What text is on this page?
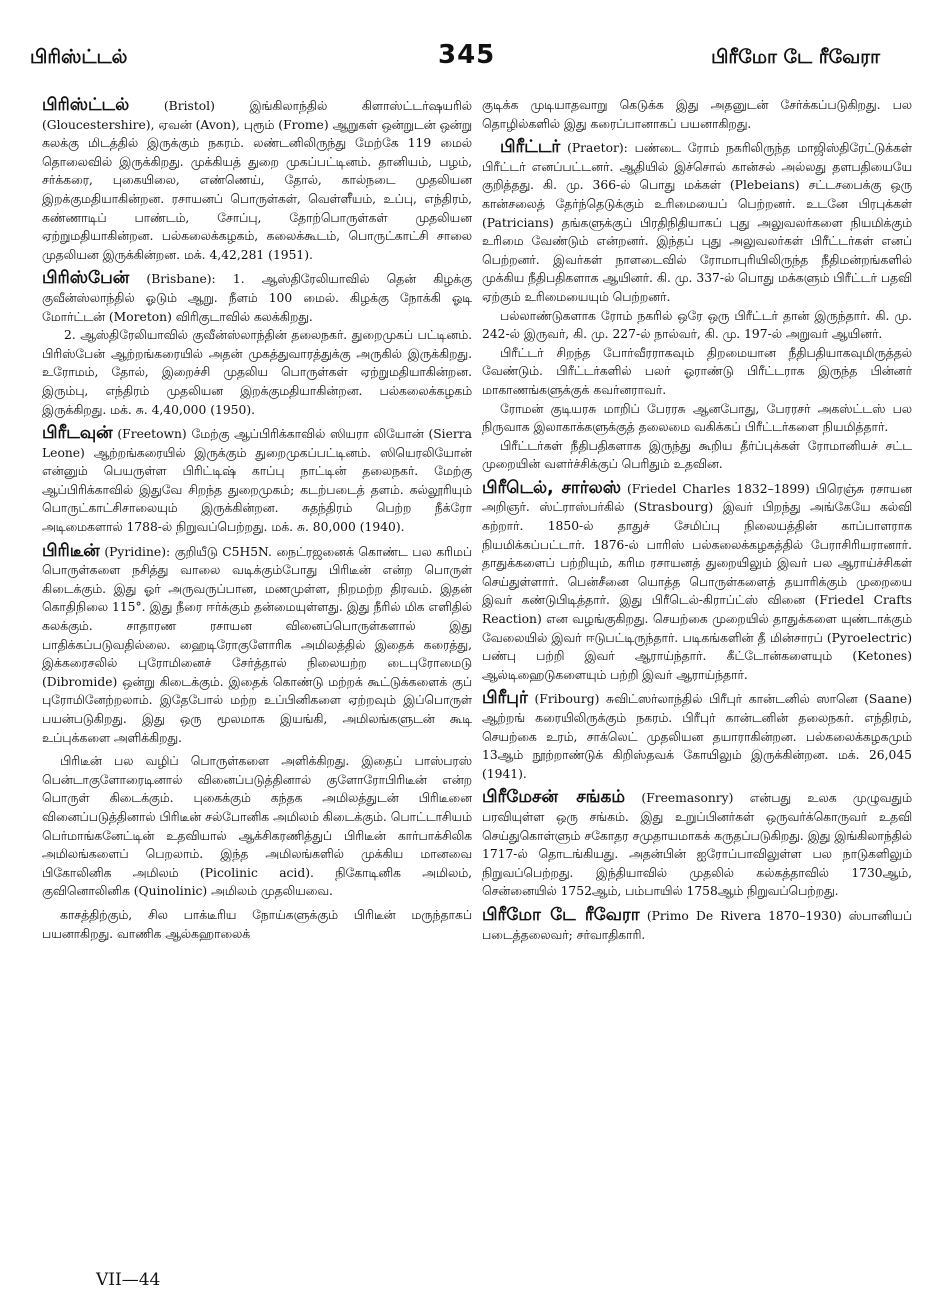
பிரிஸ்ட்டல்	345	பிரீமோ டே ரீவேரா

பிரிஸ்ட்டல்	(Bristol) இங்கிலாந்தில் கிளாஸ்ட்டர்ஷயரில் (Gloucestershire), ஏவன் (Avon), புரூம் (Frome) ஆறுகள் ஒன்றுடன் ஒன்று கலக்கு மிடத்தில் இருக்கும் நகரம். லண்டனிலிருந்து மேற்கே 119 மைல் தொலைவில் இருக்கிறது. முக்கியத் துறை முகப்பட்டினம். தானியம், பழம், சர்க்கரை, புகையிலை, எண்ணெய், தோல், கால்நடை முதலியன இறக்குமதியாகின்றன. ரசாயனப் பொருள்கள், வெள்ளீயம், உப்பு, எந்திரம், கண்ணாடிப் பாண்டம், சோப்பு, தோற்பொருள்கள் முதலியன ஏற்றுமதியாகின்றன. பல்கலைக்கழகம், கலைக்கூடம், பொருட்காட்சி சாலை முதலியன இருக்கின்றன. மக். 4,42,281 (1951).

பிரிஸ்பேன் (Brisbane): 1. ஆஸ்திரேலியாவில் தென் கிழக்கு குவீன்ஸ்லாந்தில் ஓடும் ஆறு. நீளம் 100 மைல். கிழக்கு நோக்கி ஓடி மோர்ட்டன் (Moreton) விரிகுடாவில் கலக்கிறது.

2. ஆஸ்திரேலியாவில் குவீன்ஸ்லாந்தின் தலைநகர். துறைமுகப் பட்டினம். பிரிஸ்பேன் ஆற்றங்கரையில் அதன் முகத்துவாரத்துக்கு அருகில் இருக்கிறது. உரோமம், தோல், இறைச்சி முதலிய பொருள்கள் ஏற்றுமதியாகின்றன. இரும்பு, எந்திரம் முதலியன இறக்குமதியாகின்றன. பல்கலைக்கழகம் இருக்கிறது. மக். சு. 4,40,000 (1950).

பிரீடவுன் (Freetown) மேற்கு ஆப்பிரிக்காவில் ஸியரா லியோன் (Sierra Leone) ஆற்றங்கரையில் இருக்கும் துறைமுகப்பட்டினம். ஸியெரலியோன் என்னும் பெயருள்ள பிரிட்டிஷ் காப்பு நாட்டின் தலைநகர். மேற்கு ஆப்பிரிக்காவில் இதுவே சிறந்த துறைமுகம்; கடற்படைத் தளம். கல்லூரியும் பொருட்காட்சிசாலையும் இருக்கின்றன. சுதந்திரம் பெற்ற நீக்ரோ அடிமைகளால் 1788-ல் நிறுவப்பெற்றது. மக். சு. 80,000 (1940).

பிரிடீன் (Pyridine): குறியீடு C5H5N. நைட்ரஜனைக் கொண்ட பல கரிமப் பொருள்களை நசித்து வாலை வடிக்கும்போது பிரிடீன் என்ற பொருள் கிடைக்கும். இது ஓர் அருவருப்பான, மணமுள்ள, நிறமற்ற திரவம். இதன் கொதிநிலை 115°. இது நீரை ஈர்க்கும் தன்மையுள்ளது. இது நீரில் மிக எளிதில் கலக்கும். சாதாரண ரசாயன வினைப்பொருள்களால் இது பாதிக்கப்படுவதில்லை. ஹைடிரோகுளோரிக அமிலத்தில் இதைக் கரைத்து, இக்கரைசலில் புரோமினைச் சேர்த்தால் நிலையற்ற டைபுரோமைடு (Dibromide) ஒன்று கிடைக்கும். இதைக் கொண்டு மற்றக் கூட்டுக்களைக் குப் புரோமினேற்றலாம். இதேபோல் மற்ற உப்பினிகளை ஏற்றவும் இப்பொருள் பயன்படுகிறது. இது ஒரு மூலமாக இயங்கி, அமிலங்களுடன் கூடி உப்புக்களை அளிக்கிறது.

பிரிடீன் பல வழிப் பொருள்களை அளிக்கிறது. இதைப் பாஸ்பரஸ் பென்டாகுளோரைடினால் வினைப்படுத்தினால் குளோரோபிரிடீன் என்ற பொருள் கிடைக்கும். புகைக்கும் கந்தக அமிலத்துடன் பிரிடீனை வினைப்படுத்தினால் பிரிடீன் சல்போனிக அமிலம் கிடைக்கும். பொட்டாசியம் பெர்மாங்கனேட்டின் உதவியால் ஆக்சிகரணித்துப் பிரிடீன் கார்பாக்சிலிக அமிலங்களைப் பெறலாம். இந்த அமிலங்களில் முக்கிய மானவை பிகோலினிக அமிலம் (Picolinic acid). நிகோடினிக அமிலம், குவினொலினிக (Quinolinic) அமிலம் முதலியவை.

காசத்திற்கும், சில பாக்டீரிய நோய்களுக்கும் பிரிடீன் மருந்தாகப் பயனாகிறது. வாணிக ஆல்கஹாலைக்

குடிக்க முடியாதவாறு கெடுக்க இது அதனுடன் சேர்க்கப்படுகிறது. பல தொழில்களில் இது கரைப்பானாகப் பயனாகிறது.

பிரீட்டர் (Praetor): பண்டை ரோம் நகரிலிருந்த மாஜிஸ்திரேட்டுக்கள் பிரீட்டர் எனப்பட்டனர். ஆதியில் இச்சொல் கான்சல் அல்லது தளபதியையே குறித்தது. கி. மு. 366-ல் பொது மக்கள் (Plebeians) சட்டசபைக்கு ஒரு கான்சலைத் தேர்ந்தெடுக்கும் உரிமையைப் பெற்றனர். உடனே பிரபுக்கள் (Patricians) தங்களுக்குப் பிரதிநிதியாகப் புது அலுவலர்களை நியமிக்கும் உரிமை வேண்டும் என்றனர். இந்தப் புது அலுவலர்கள் பிரீட்டர்கள் எனப் பெற்றனர். இவர்கள் நாளடைவில் ரோமாபுரியிலிருந்த நீதிமன்றங்களில் முக்கிய நீதிபதிகளாக ஆயினர். கி. மு. 337-ல் பொது மக்களும் பிரீட்டர் பதவி ஏற்கும் உரிமையையும் பெற்றனர்.

பல்லாண்டுகளாக ரோம் நகரில் ஒரே ஒரு பிரீட்டர் தான் இருந்தார். கி. மு. 242-ல் இருவர், கி. மு. 227-ல் நால்வர், கி. மு. 197-ல் அறுவர் ஆயினர்.

பிரீட்டர் சிறந்த போர்வீரராகவும் திறமையான நீதிபதியாகவுமிருத்தல் வேண்டும். பிரீட்டர்களில் பலர் ஓராண்டு பிரீட்டராக இருந்த பின்னர் மாகாணங்களுக்குக் கவர்னராவர்.

ரோமன் குடியரசு மாறிப் பேரரசு ஆனபோது, பேரரசர் அகஸ்ட்டஸ் பல நிருவாக இலாகாக்களுக்குத் தலைமை வகிக்கப் பிரீட்டர்களை நியமித்தார்.

பிரீட்டர்கள் நீதிபதிகளாக இருந்து கூறிய தீர்ப்புக்கள் ரோமானியச் சட்ட முறையின் வளர்ச்சிக்குப் பெரிதும் உதவின.

பிரீடெல், சார்லஸ் (Friedel Charles 1832–1899) பிரெஞ்சு ரசாயன அறிஞர். ஸ்ட்ராஸ்பர்கில் (Strasbourg) இவர் பிறந்து அங்கேயே கல்வி கற்றார். 1850-ல் தாதுச் சேமிப்பு நிலையத்தின் காப்பாளராக நியமிக்கப்பட்டார். 1876-ல் பாரிஸ் பல்கலைக்கழகத்தில் பேராசிரியரானார். தாதுக்களைப் பற்றியும், கரிம ரசாயனத் துறையிலும் இவர் பல ஆராய்ச்சிகள் செய்துள்ளார். பென்சீனை யொத்த பொருள்களைத் தயாரிக்கும் முறையை இவர் கண்டுபிடித்தார். இது பிரீடெல்-கிராப்ட்ஸ் வினை (Friedel Crafts Reaction) என வழங்குகிறது. செயற்கை முறையில் தாதுக்களை யுண்டாக்கும் வேலையில் இவர் ஈடுபட்டிருந்தார். படிகங்களின் தீ மின்சாரப் (Pyroelectric) பண்பு பற்றி இவர் ஆராய்ந்தார். கீட்டோன்களையும் (Ketones) ஆல்டிஹைடுகளையும் பற்றி இவர் ஆராய்ந்தார்.

பிரீபுர் (Fribourg) சுவிட்ஸர்லாந்தில் பிரீபுர் கான்டனில் ஸானெ (Saane) ஆற்றங் கரையிலிருக்கும் நகரம். பிரீபுர் கான்டனின் தலைநகர். எந்திரம், செயற்கை உரம், சாக்லெட் முதலியன தயாராகின்றன. பல்கலைக்கழகமும் 13ஆம் நூற்றாண்டுக் கிறிஸ்தவக் கோயிலும் இருக்கின்றன. மக். 26,045 (1941).

பிரீமேசன் சங்கம் (Freemasonry) என்பது உலக முழுவதும் பரவியுள்ள ஒரு சங்கம். இது உறுப்பினர்கள் ஒருவர்க்கொருவர் உதவி செய்துகொள்ளும் சகோதர சமுதாயமாகக் கருதப்படுகிறது. இது இங்கிலாந்தில் 1717-ல் தொடங்கியது. அதன்பின் ஐரோப்பாவிலுள்ள பல நாடுகளிலும் நிறுவப்பெற்றது. இந்தியாவில் முதலில் கல்கத்தாவில் 1730ஆம், சென்னையில் 1752ஆம், பம்பாயில் 1758ஆம் நிறுவப்பெற்றது.

பிரீமோ டே ரீவேரா (Primo De Rivera 1870–1930) ஸ்பானியப் படைத்தலைவர்; சர்வாதிகாரி.

VII—44
